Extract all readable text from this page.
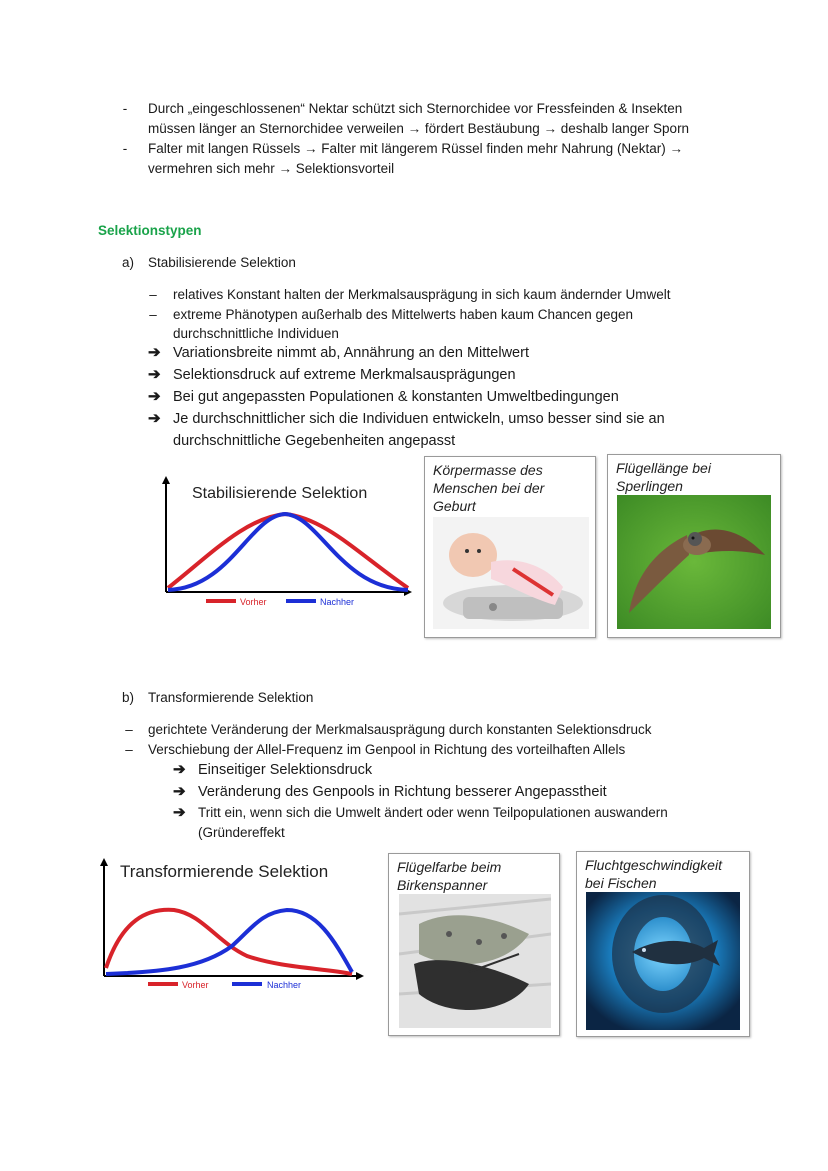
-	Durch „eingeschlossenen“ Nektar schützt sich Sternorchidee vor Fressfeinden & Insekten
müssen länger an Sternorchidee verweilen → fördert Bestäubung → deshalb langer Sporn
-	Falter mit langen Rüssels → Falter mit längerem Rüssel finden mehr Nahrung (Nektar) →
vermehren sich mehr → Selektionsvorteil
Selektionstypen
a) Stabilisierende Selektion
– relatives Konstant halten der Merkmalsausprägung in sich kaum ändernder Umwelt
– extreme Phänotypen außerhalb des Mittelwerts haben kaum Chancen gegen
durchschnittliche Individuen
➔ Variationsbreite nimmt ab, Annährung an den Mittelwert
➔ Selektionsdruck auf extreme Merkmalsausprägungen
➔ Bei gut angepassten Populationen & konstanten Umweltbedingungen
➔ Je durchschnittlicher sich die Individuen entwickeln, umso besser sind sie an
durchschnittliche Gegebenheiten angepasst
Stabilisierende Selektion
Vorher	Nachher
Körpermasse des
Menschen bei der
Geburt
Flügellänge bei
Sperlingen
b) Transformierende Selektion
– gerichtete Veränderung der Merkmalsausprägung durch konstanten Selektionsdruck
– Verschiebung der Allel-Frequenz im Genpool in Richtung des vorteilhaften Allels
➔ Einseitiger Selektionsdruck
➔ Veränderung des Genpools in Richtung besserer Angepasstheit
➔ Tritt ein, wenn sich die Umwelt ändert oder wenn Teilpopulationen auswandern
(Gründereffekt
Transformierende Selektion
Vorher	Nachher
Flügelfarbe beim
Birkenspanner
Fluchtgeschwindigkeit
bei Fischen
